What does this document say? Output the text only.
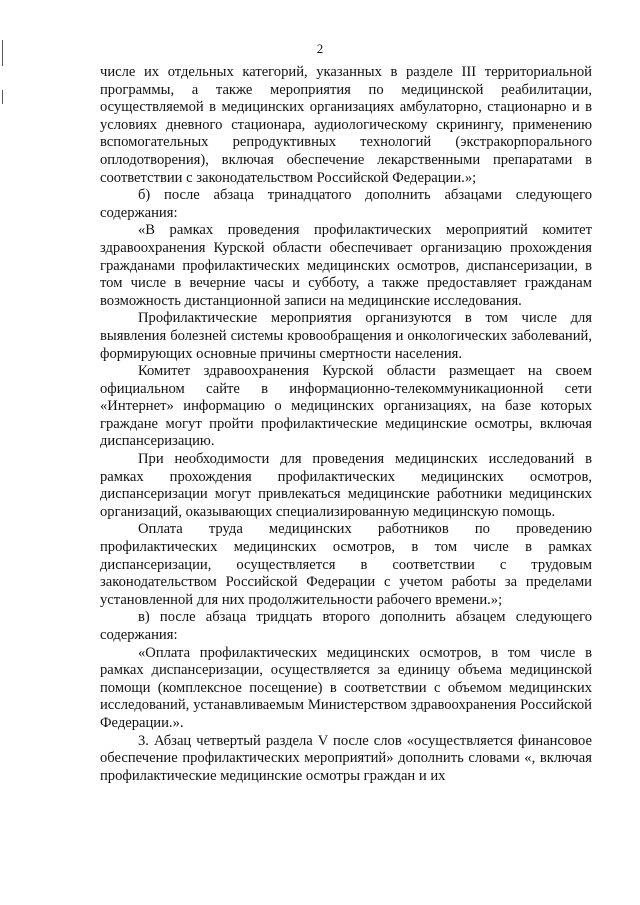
2

числе их отдельных категорий, указанных в разделе III территориальной программы, а также мероприятия по медицинской реабилитации, осуществляемой в медицинских организациях амбулаторно, стационарно и в условиях дневного стационара, аудиологическому скринингу, применению вспомогательных репродуктивных технологий (экстракорпорального оплодотворения), включая обеспечение лекарственными препаратами в соответствии с законодательством Российской Федерации.»;

б) после абзаца тринадцатого дополнить абзацами следующего содержания:

«В рамках проведения профилактических мероприятий комитет здравоохранения Курской области обеспечивает организацию прохождения гражданами профилактических медицинских осмотров, диспансеризации, в том числе в вечерние часы и субботу, а также предоставляет гражданам возможность дистанционной записи на медицинские исследования.

Профилактические мероприятия организуются в том числе для выявления болезней системы кровообращения и онкологических заболеваний, формирующих основные причины смертности населения.

Комитет здравоохранения Курской области размещает на своем официальном сайте в информационно-телекоммуникационной сети «Интернет» информацию о медицинских организациях, на базе которых граждане могут пройти профилактические медицинские осмотры, включая диспансеризацию.

При необходимости для проведения медицинских исследований в рамках прохождения профилактических медицинских осмотров, диспансеризации могут привлекаться медицинские работники медицинских организаций, оказывающих специализированную медицинскую помощь.

Оплата труда медицинских работников по проведению профилактических медицинских осмотров, в том числе в рамках диспансеризации, осуществляется в соответствии с трудовым законодательством Российской Федерации с учетом работы за пределами установленной для них продолжительности рабочего времени.»;

в) после абзаца тридцать второго дополнить абзацем следующего содержания:

«Оплата профилактических медицинских осмотров, в том числе в рамках диспансеризации, осуществляется за единицу объема медицинской помощи (комплексное посещение) в соответствии с объемом медицинских исследований, устанавливаемым Министерством здравоохранения Российской Федерации.».

3. Абзац четвертый раздела V после слов «осуществляется финансовое обеспечение профилактических мероприятий» дополнить словами «, включая профилактические медицинские осмотры граждан и их
